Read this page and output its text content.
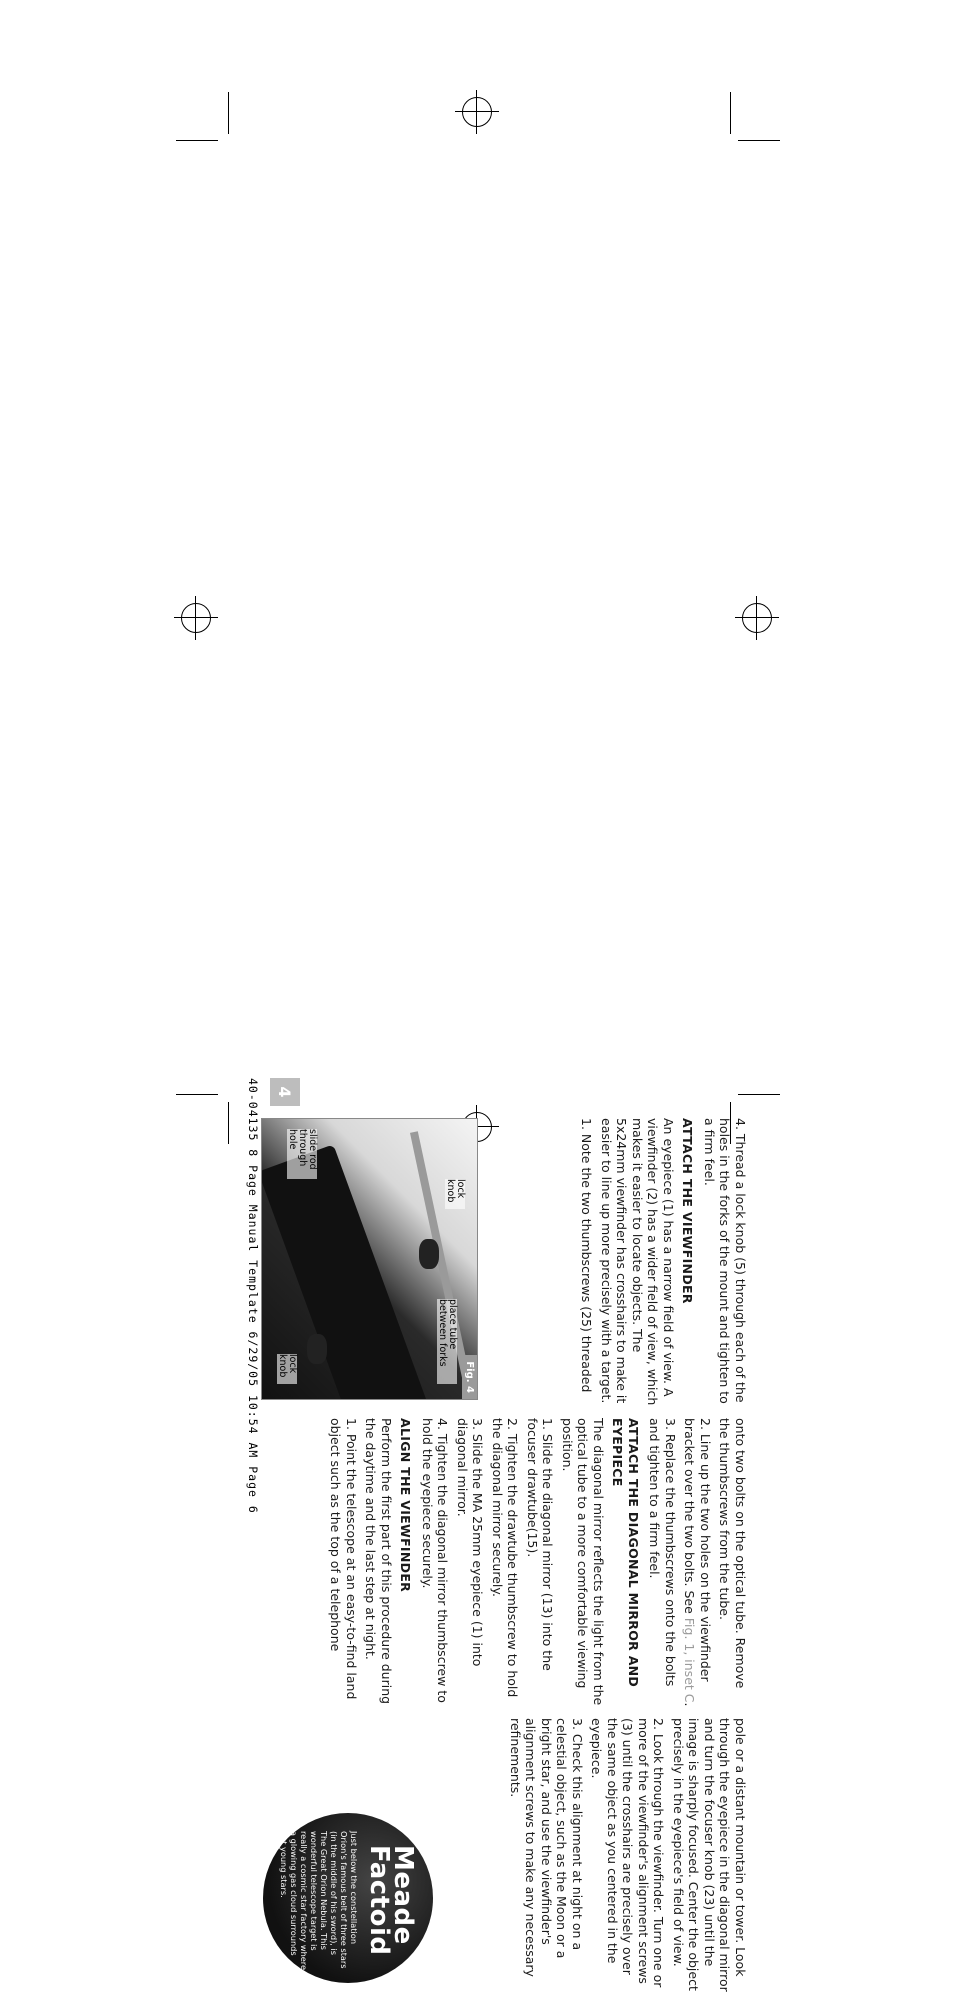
40-04135 8 Page Manual Template 6/29/05 10:54 AM Page 6 4

4. Thread a lock knob (5) through each of the holes in the forks of the mount and tighten to a firm feel.

ATTACH THE VIEWFINDER

An eyepiece (1) has a narrow field of view. A viewfinder (2) has a wider field of view, which makes it easier to locate objects. The 5x24mm viewfinder has crosshairs to make it easier to line up more precisely with a target.

1. Note the two thumbscrews (25) threaded

Fig. 4
place tube between forks
lock knob
lock knob
slide rod through hole

onto two bolts on the optical tube. Remove the thumbscrews from the tube.

2. Line up the two holes on the viewfinder bracket over the two bolts. See Fig. 1, inset C.

3. Replace the thumbscrews onto the bolts and tighten to a firm feel.

ATTACH THE DIAGONAL MIRROR AND EYEPIECE

The diagonal mirror reflects the light from the optical tube to a more comfortable viewing position.

1. Slide the diagonal mirror (13) into the focuser drawtube(15).

2. Tighten the drawtube thumbscrew to hold the diagonal mirror securely.

3. Slide the MA 25mm eyepiece (1) into diagonal mirror.

4. Tighten the diagonal mirror thumbscrew to hold the eyepiece securely.

ALIGN THE VIEWFINDER

Perform the first part of this procedure during the daytime and the last step at night.

1. Point the telescope at an easy-to-find land object such as the top of a telephone

pole or a distant mountain or tower. Look through the eyepiece in the diagonal mirror and turn the focuser knob (23) until the image is sharply focused. Center the object precisely in the eyepiece's field of view.

2. Look through the viewfinder. Turn one or more of the viewfinder's alignment screws (3) until the crosshairs are precisely over the same object as you centered in the eyepiece.

3. Check this alignment at night on a celestial object, such as the Moon or a bright star, and use the viewfinder's alignment screws to make any necessary refinements.

Meade
Factoid
Just below the constellation Orion's famous belt of three stars (in the middle of his sword), is The Great Orion Nebula. This wonderful telescope target is really a cosmic star factory where a glowing gas cloud surrounds hot young stars.
